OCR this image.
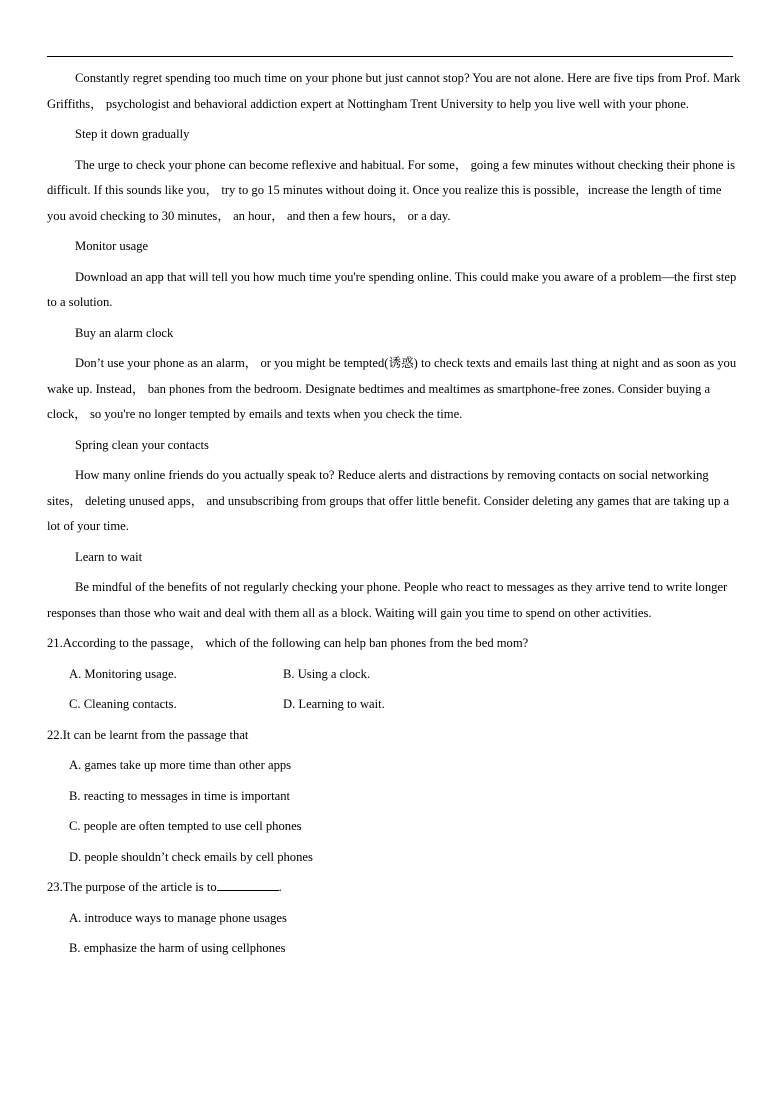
Constantly regret spending too much time on your phone but just cannot stop? You are not alone. Here are five tips from Prof. Mark Griffiths， psychologist and behavioral addiction expert at Nottingham Trent University to help you live well with your phone.

Step it down gradually

The urge to check your phone can become reflexive and habitual. For some， going a few minutes without checking their phone is difficult. If this sounds like you， try to go 15 minutes without doing it. Once you realize this is possible，increase the length of time you avoid checking to 30 minutes， an hour， and then a few hours， or a day.

Monitor usage

Download an app that will tell you how much time you're spending online. This could make you aware of a problem—the first step to a solution.

Buy an alarm clock

Don’t use your phone as an alarm， or you might be tempted(诱惑) to check texts and emails last thing at night and as soon as you wake up. Instead， ban phones from the bedroom. Designate bedtimes and mealtimes as smartphone-free zones. Consider buying a clock， so you're no longer tempted by emails and texts when you check the time.

Spring clean your contacts

How many online friends do you actually speak to? Reduce alerts and distractions by removing contacts on social networking sites， deleting unused apps， and unsubscribing from groups that offer little benefit. Consider deleting any games that are taking up a lot of your time.

Learn to wait

Be mindful of the benefits of not regularly checking your phone. People who react to messages as they arrive tend to write longer responses than those who wait and deal with them all as a block. Waiting will gain you time to spend on other activities.

21.According to the passage， which of the following can help ban phones from the bed mom?

A. Monitoring usage.	B. Using a clock.
C. Cleaning contacts.	D. Learning to wait.

22.It can be learnt from the passage that

A. games take up more time than other apps

B. reacting to messages in time is important

C. people are often tempted to use cell phones

D. people shouldn’t check emails by cell phones

23.The purpose of the article is to	.

A. introduce ways to manage phone usages

B. emphasize the harm of using cellphones
